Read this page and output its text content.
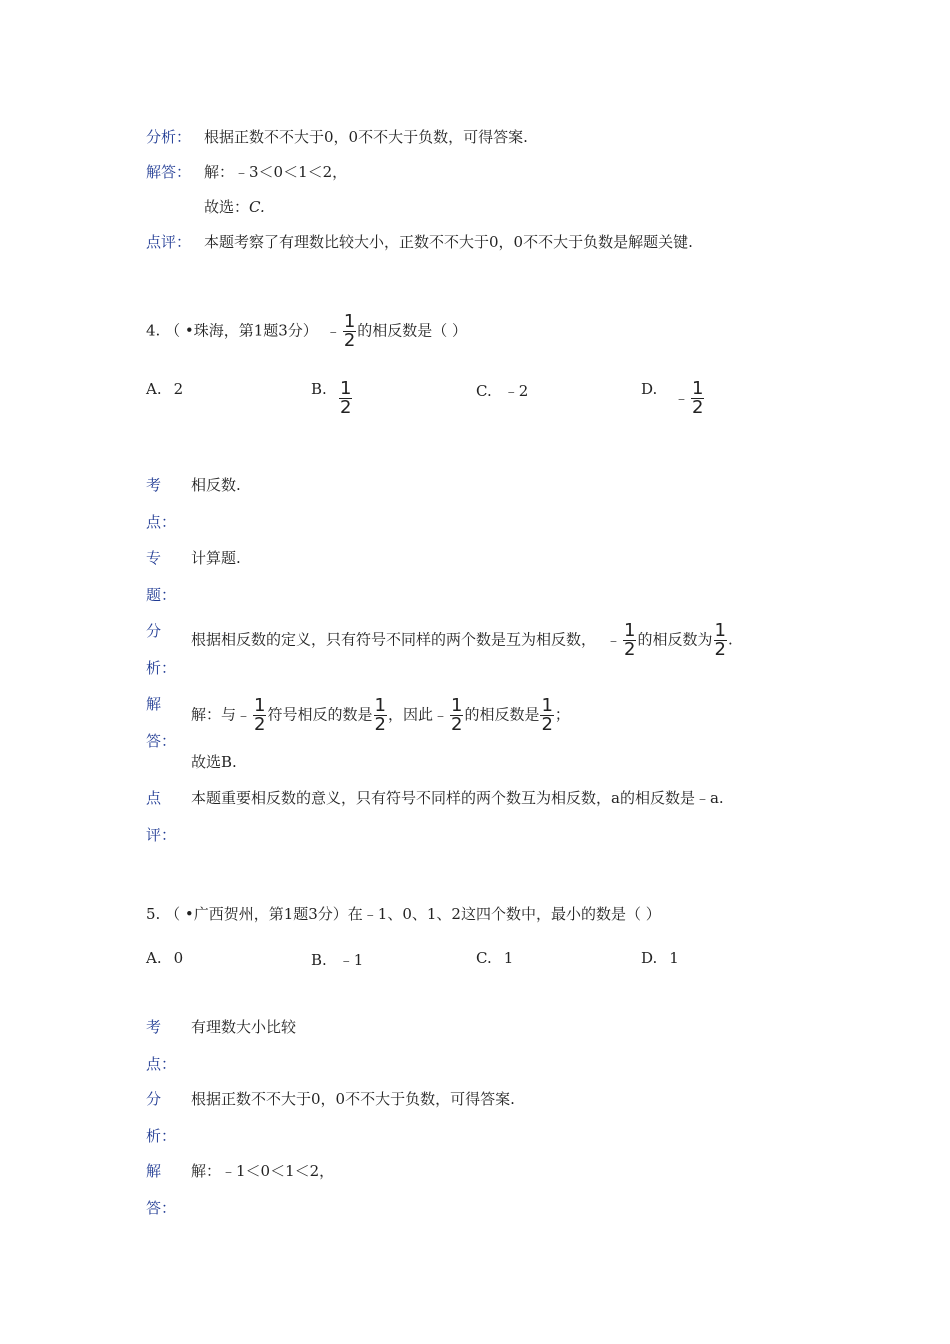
分析： 根据正数不不大于0，0不不大于负数，可得答案.
解答： 解：﹣3＜0＜1＜2，
故选：C.
点评： 本题考察了有理数比较大小，正数不不大于0，0不不大于负数是解题关键.
4. （ •珠海，第1题3分） ﹣ $\frac{1}{2}$ 的相反数是（ ）
A. 2	B. $\frac{1}{2}$	C. ﹣2	D. ﹣ $\frac{1}{2}$
考
点：
相反数.
专
题：
计算题.
分
析：
根据相反数的定义，只有符号不同样的两个数是互为相反数， ﹣ $\frac{1}{2}$ 的相反数为 $\frac{1}{2}$ .
解
答：
解：与﹣ $\frac{1}{2}$ 符号相反的数是 $\frac{1}{2}$ ，因此﹣ $\frac{1}{2}$ 的相反数是 $\frac{1}{2}$ ；
故选B.
点
评：
本题重要相反数的意义，只有符号不同样的两个数互为相反数，a的相反数是﹣a.
5. （ •广西贺州，第1题3分）在﹣1、0、1、2这四个数中，最小的数是（ ）
A. 0	B. ﹣1	C. 1	D. 1
考
点：
有理数大小比较
分
析：
根据正数不不大于0，0不不大于负数，可得答案.
解
答：
解：﹣1＜0＜1＜2，
